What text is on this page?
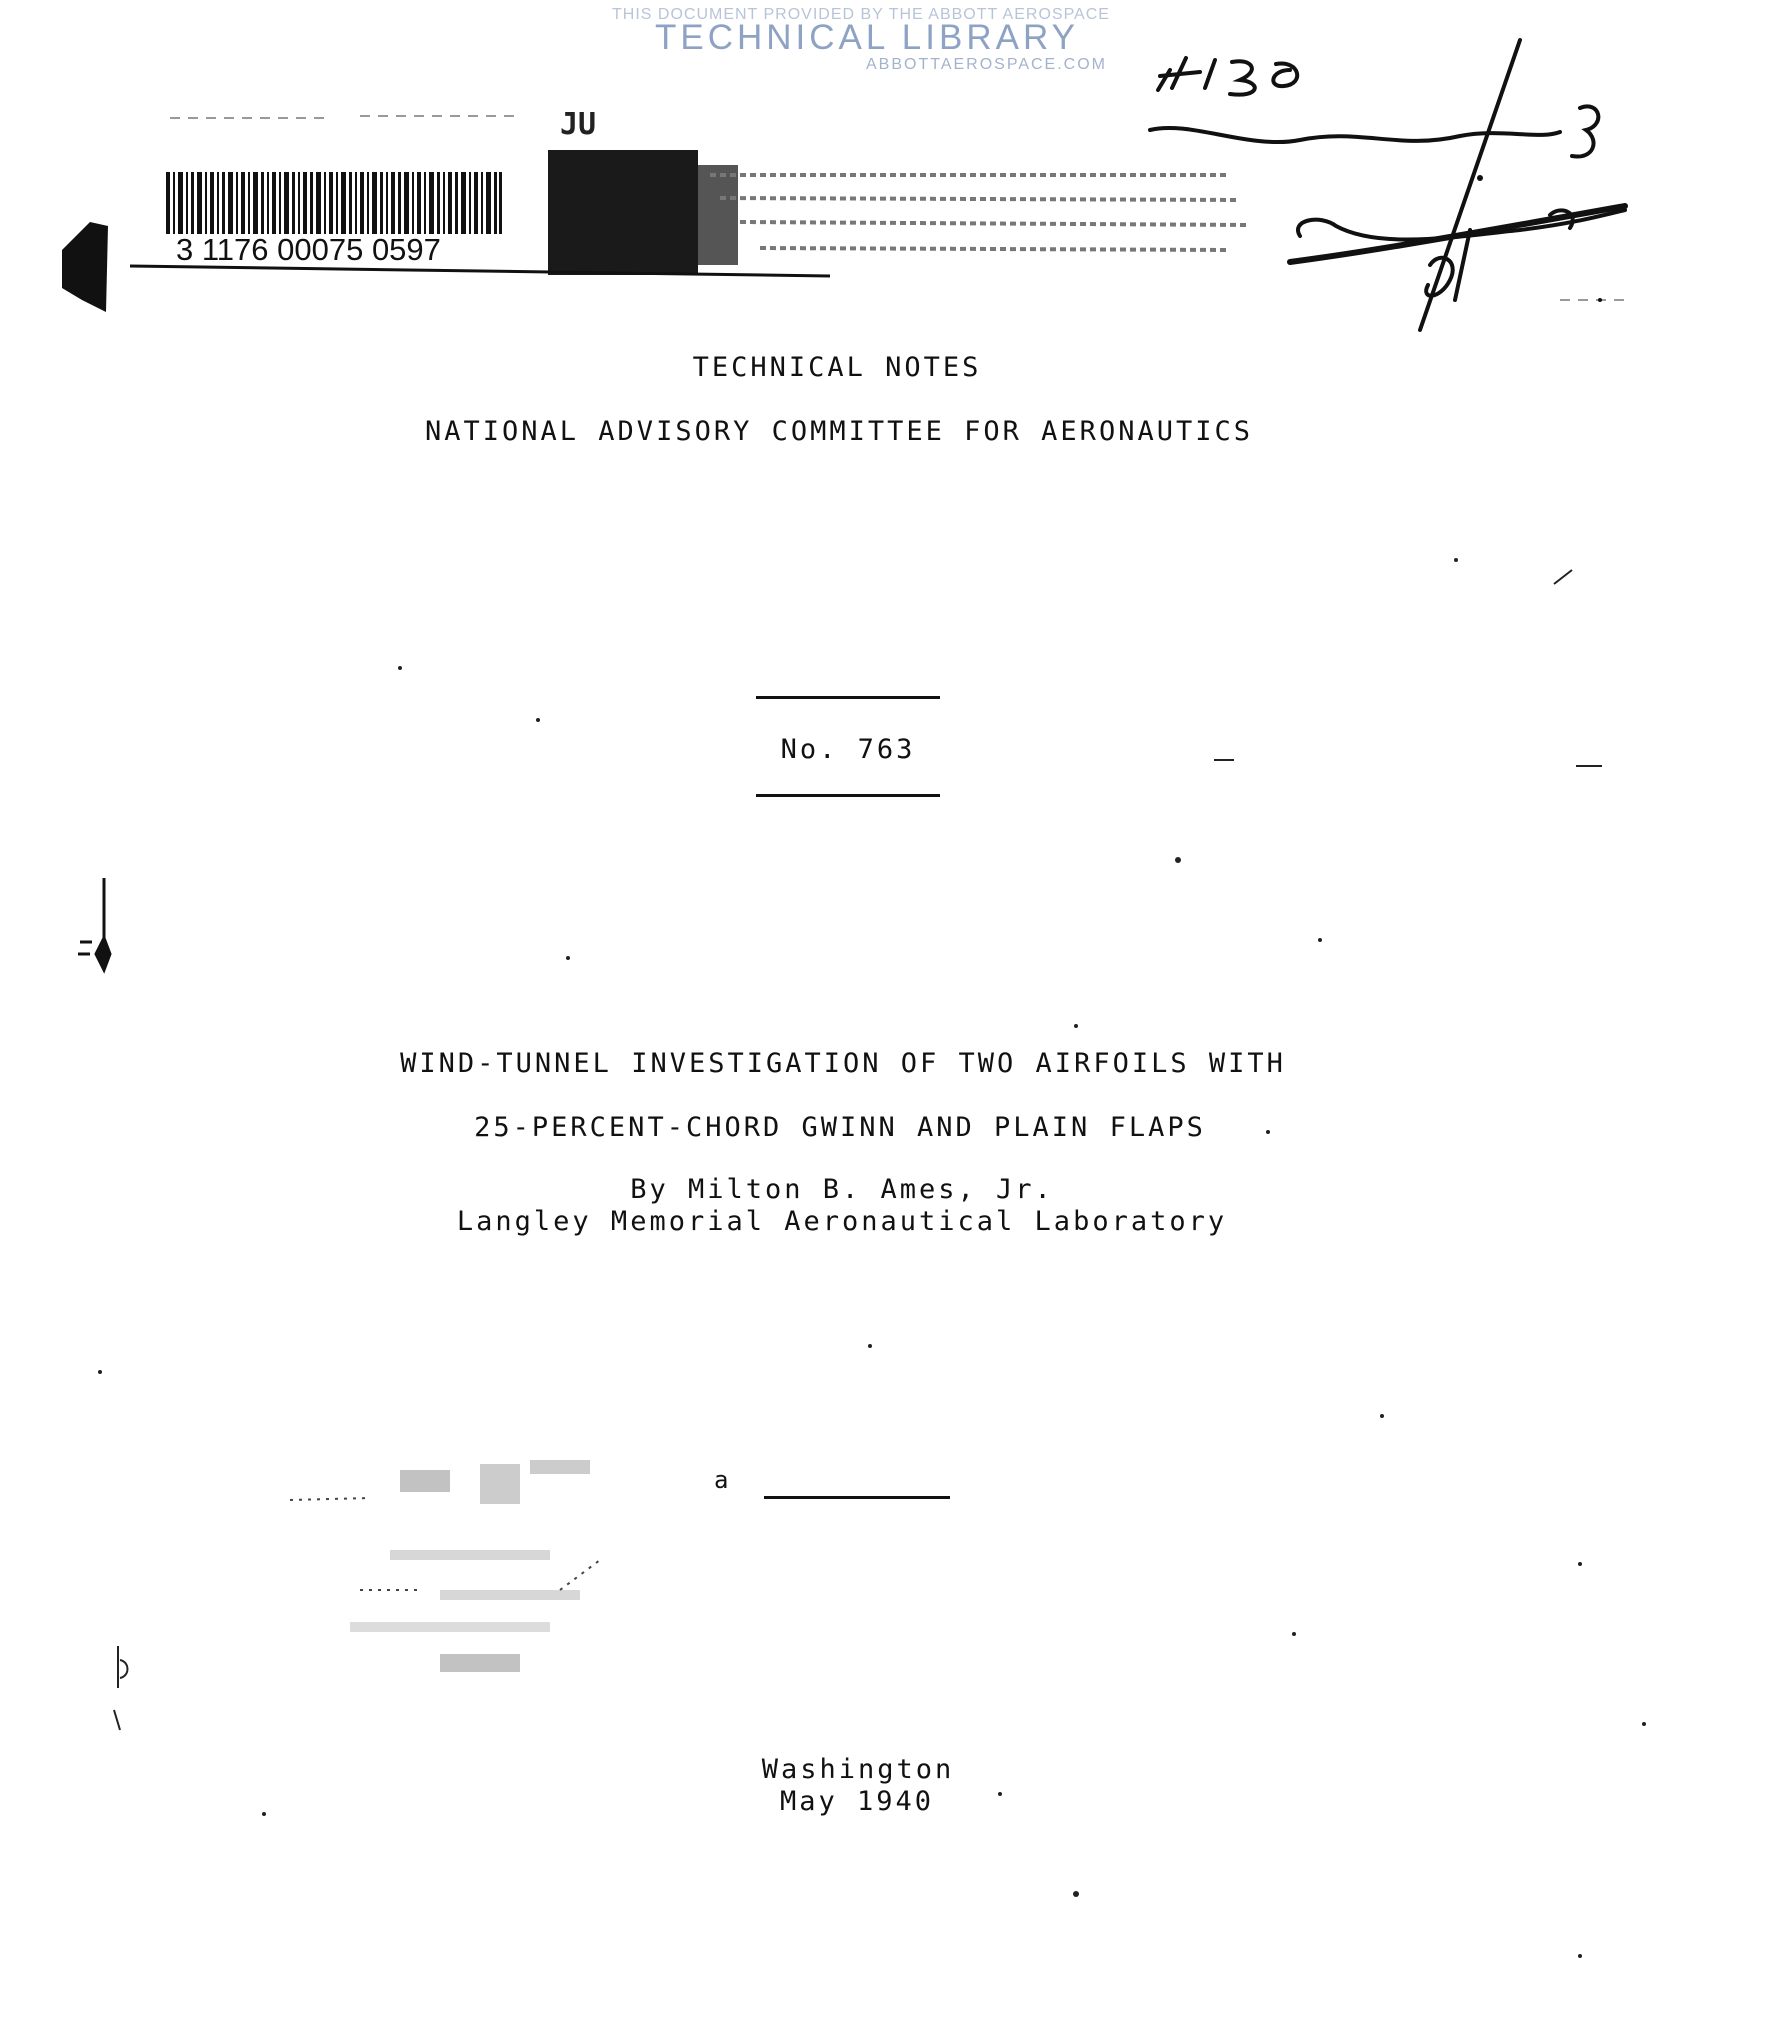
THIS DOCUMENT PROVIDED BY THE ABBOTT AEROSPACE
TECHNICAL LIBRARY
ABBOTTAEROSPACE.COM
JU
3 1176 00075 0597
TECHNICAL NOTES
NATIONAL ADVISORY COMMITTEE FOR AERONAUTICS
No. 763
WIND-TUNNEL INVESTIGATION OF TWO AIRFOILS WITH
25-PERCENT-CHORD GWINN AND PLAIN FLAPS
By Milton B. Ames, Jr.
Langley Memorial Aeronautical Laboratory
a
Washington
May 1940
